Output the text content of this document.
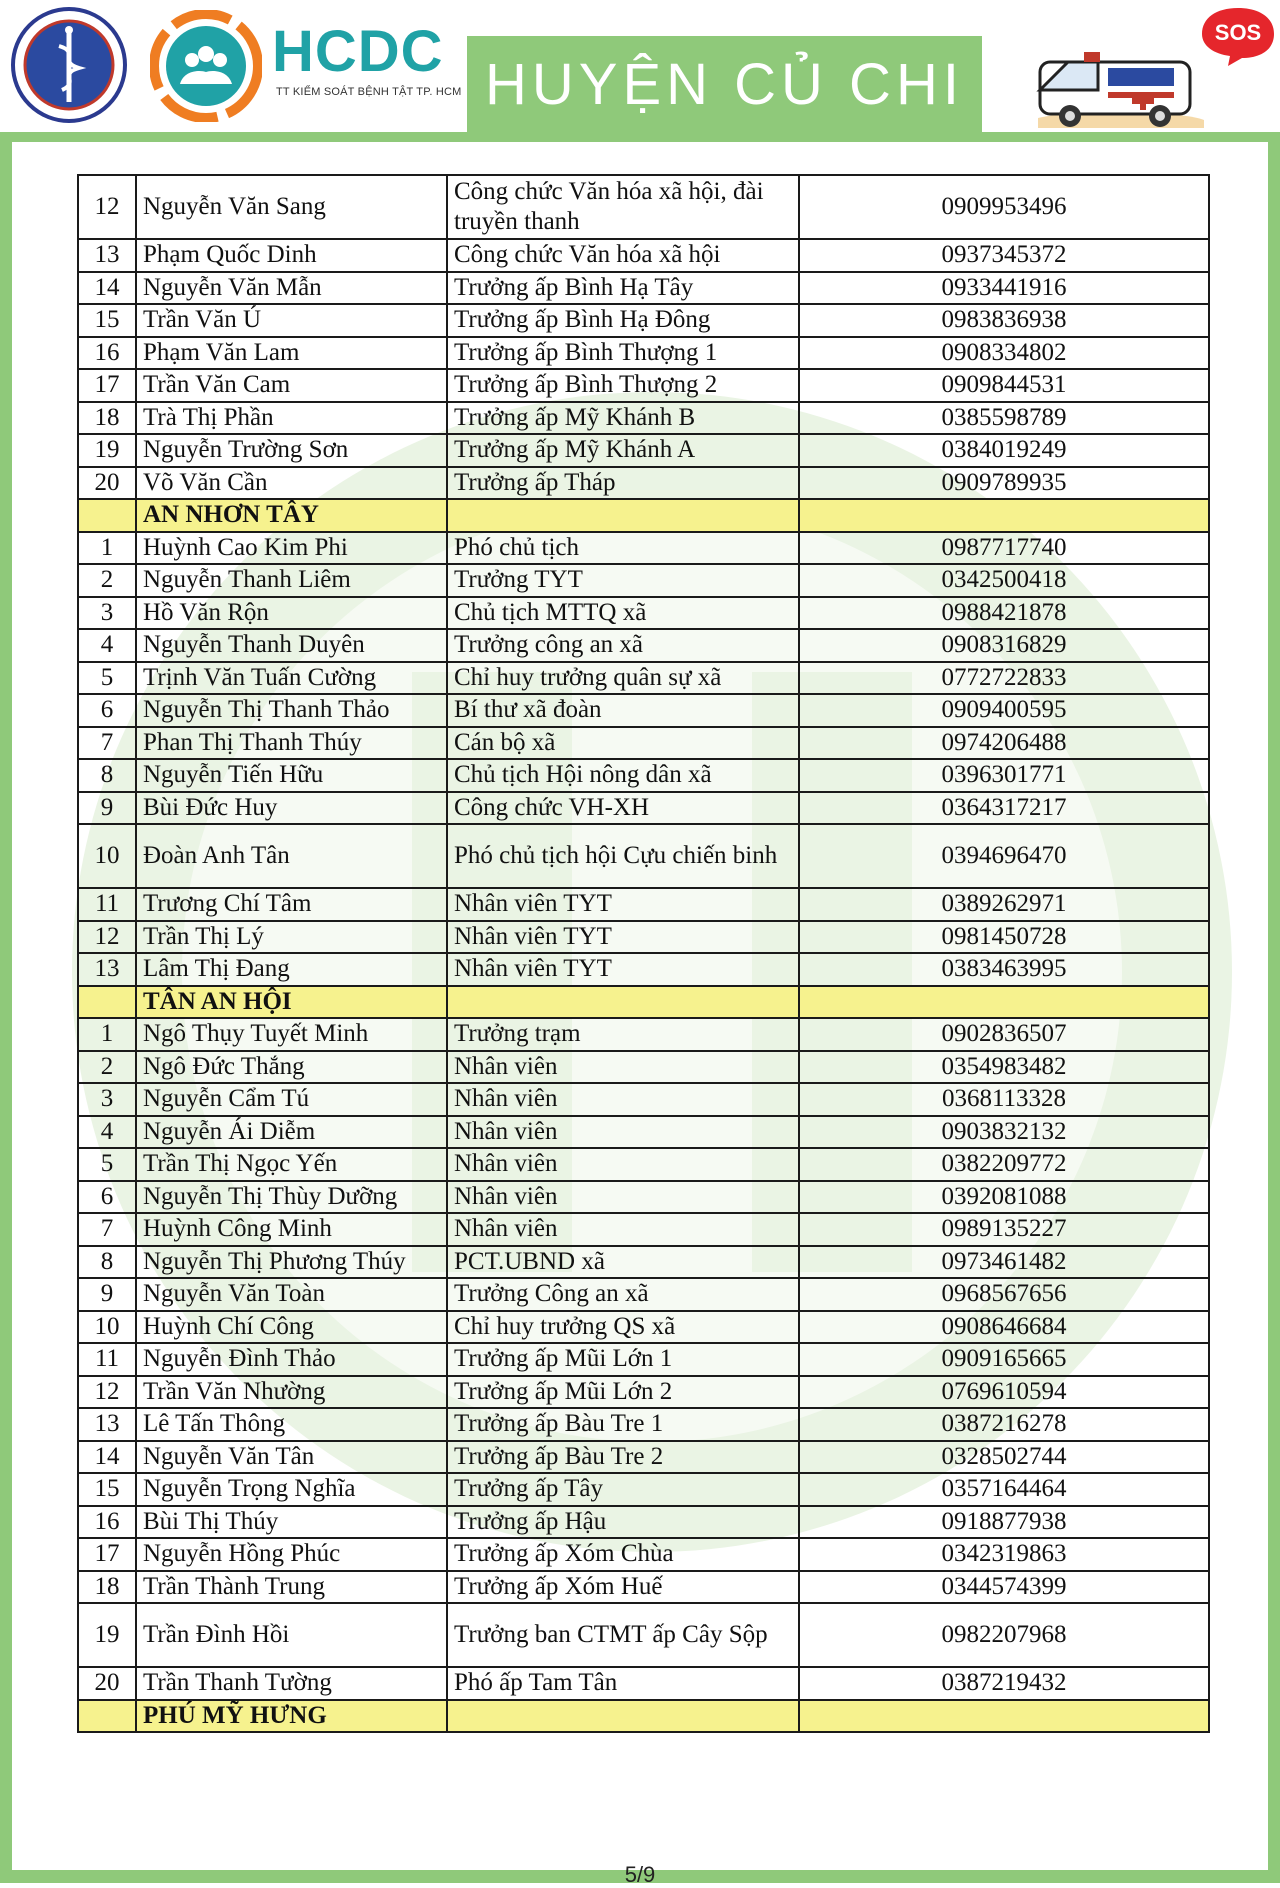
HCDC
TT KIỂM SOÁT BỆNH TẬT TP. HCM HUYỆN CỦ CHI
SOS
12	Nguyễn Văn Sang	Công chức Văn hóa xã hội, đài truyền thanh	0909953496
13	Phạm Quốc Dinh	Công chức Văn hóa xã hội	0937345372
14	Nguyễn Văn Mẫn	Trưởng ấp Bình Hạ Tây	0933441916
15	Trần Văn Ú	Trưởng ấp Bình Hạ Đông	0983836938
16	Phạm Văn Lam	Trưởng ấp Bình Thượng 1	0908334802
17	Trần Văn Cam	Trưởng ấp Bình Thượng 2	0909844531
18	Trà Thị Phần	Trưởng ấp Mỹ Khánh B	0385598789
19	Nguyễn Trường Sơn	Trưởng ấp Mỹ Khánh A	0384019249
20	Võ Văn Cần	Trưởng ấp Tháp	0909789935
	AN NHƠN TÂY		
1	Huỳnh Cao Kim Phi	Phó chủ tịch	0987717740
2	Nguyễn Thanh Liêm	Trưởng TYT	0342500418
3	Hồ Văn Rộn	Chủ tịch MTTQ xã	0988421878
4	Nguyễn Thanh Duyên	Trưởng công an xã	0908316829
5	Trịnh Văn Tuấn Cường	Chỉ huy trưởng quân sự xã	0772722833
6	Nguyễn Thị Thanh Thảo	Bí thư xã đoàn	0909400595
7	Phan Thị Thanh Thúy	Cán bộ xã	0974206488
8	Nguyễn Tiến Hữu	Chủ tịch Hội nông dân xã	0396301771
9	Bùi Đức Huy	Công chức VH-XH	0364317217
10	Đoàn Anh Tân	Phó chủ tịch hội Cựu chiến binh	0394696470
11	Trương Chí Tâm	Nhân viên TYT	0389262971
12	Trần Thị Lý	Nhân viên TYT	0981450728
13	Lâm Thị Đang	Nhân viên TYT	0383463995
	TÂN AN HỘI		
1	Ngô Thụy Tuyết Minh	Trưởng trạm	0902836507
2	Ngô Đức Thắng	Nhân viên	0354983482
3	Nguyễn Cẩm Tú	Nhân viên	0368113328
4	Nguyễn Ái Diễm	Nhân viên	0903832132
5	Trần Thị Ngọc Yến	Nhân viên	0382209772
6	Nguyễn Thị Thùy Dưỡng	Nhân viên	0392081088
7	Huỳnh Công Minh	Nhân viên	0989135227
8	Nguyễn Thị Phương Thúy	PCT.UBND xã	0973461482
9	Nguyễn Văn Toàn	Trưởng Công an xã	0968567656
10	Huỳnh Chí Công	Chỉ huy trưởng QS xã	0908646684
11	Nguyễn Đình Thảo	Trưởng ấp Mũi Lớn 1	0909165665
12	Trần Văn Nhường	Trưởng ấp Mũi Lớn 2	0769610594
13	Lê Tấn Thông	Trưởng ấp Bàu Tre 1	0387216278
14	Nguyễn Văn Tân	Trưởng ấp Bàu Tre 2	0328502744
15	Nguyễn Trọng Nghĩa	Trưởng ấp Tây	0357164464
16	Bùi Thị Thúy	Trưởng ấp Hậu	0918877938
17	Nguyễn Hồng Phúc	Trưởng ấp Xóm Chùa	0342319863
18	Trần Thành Trung	Trưởng ấp Xóm Huế	0344574399
19	Trần Đình Hồi	Trưởng ban CTMT ấp Cây Sộp	0982207968
20	Trần Thanh Tường	Phó ấp Tam Tân	0387219432
	PHÚ MỸ HƯNG		
5/9
